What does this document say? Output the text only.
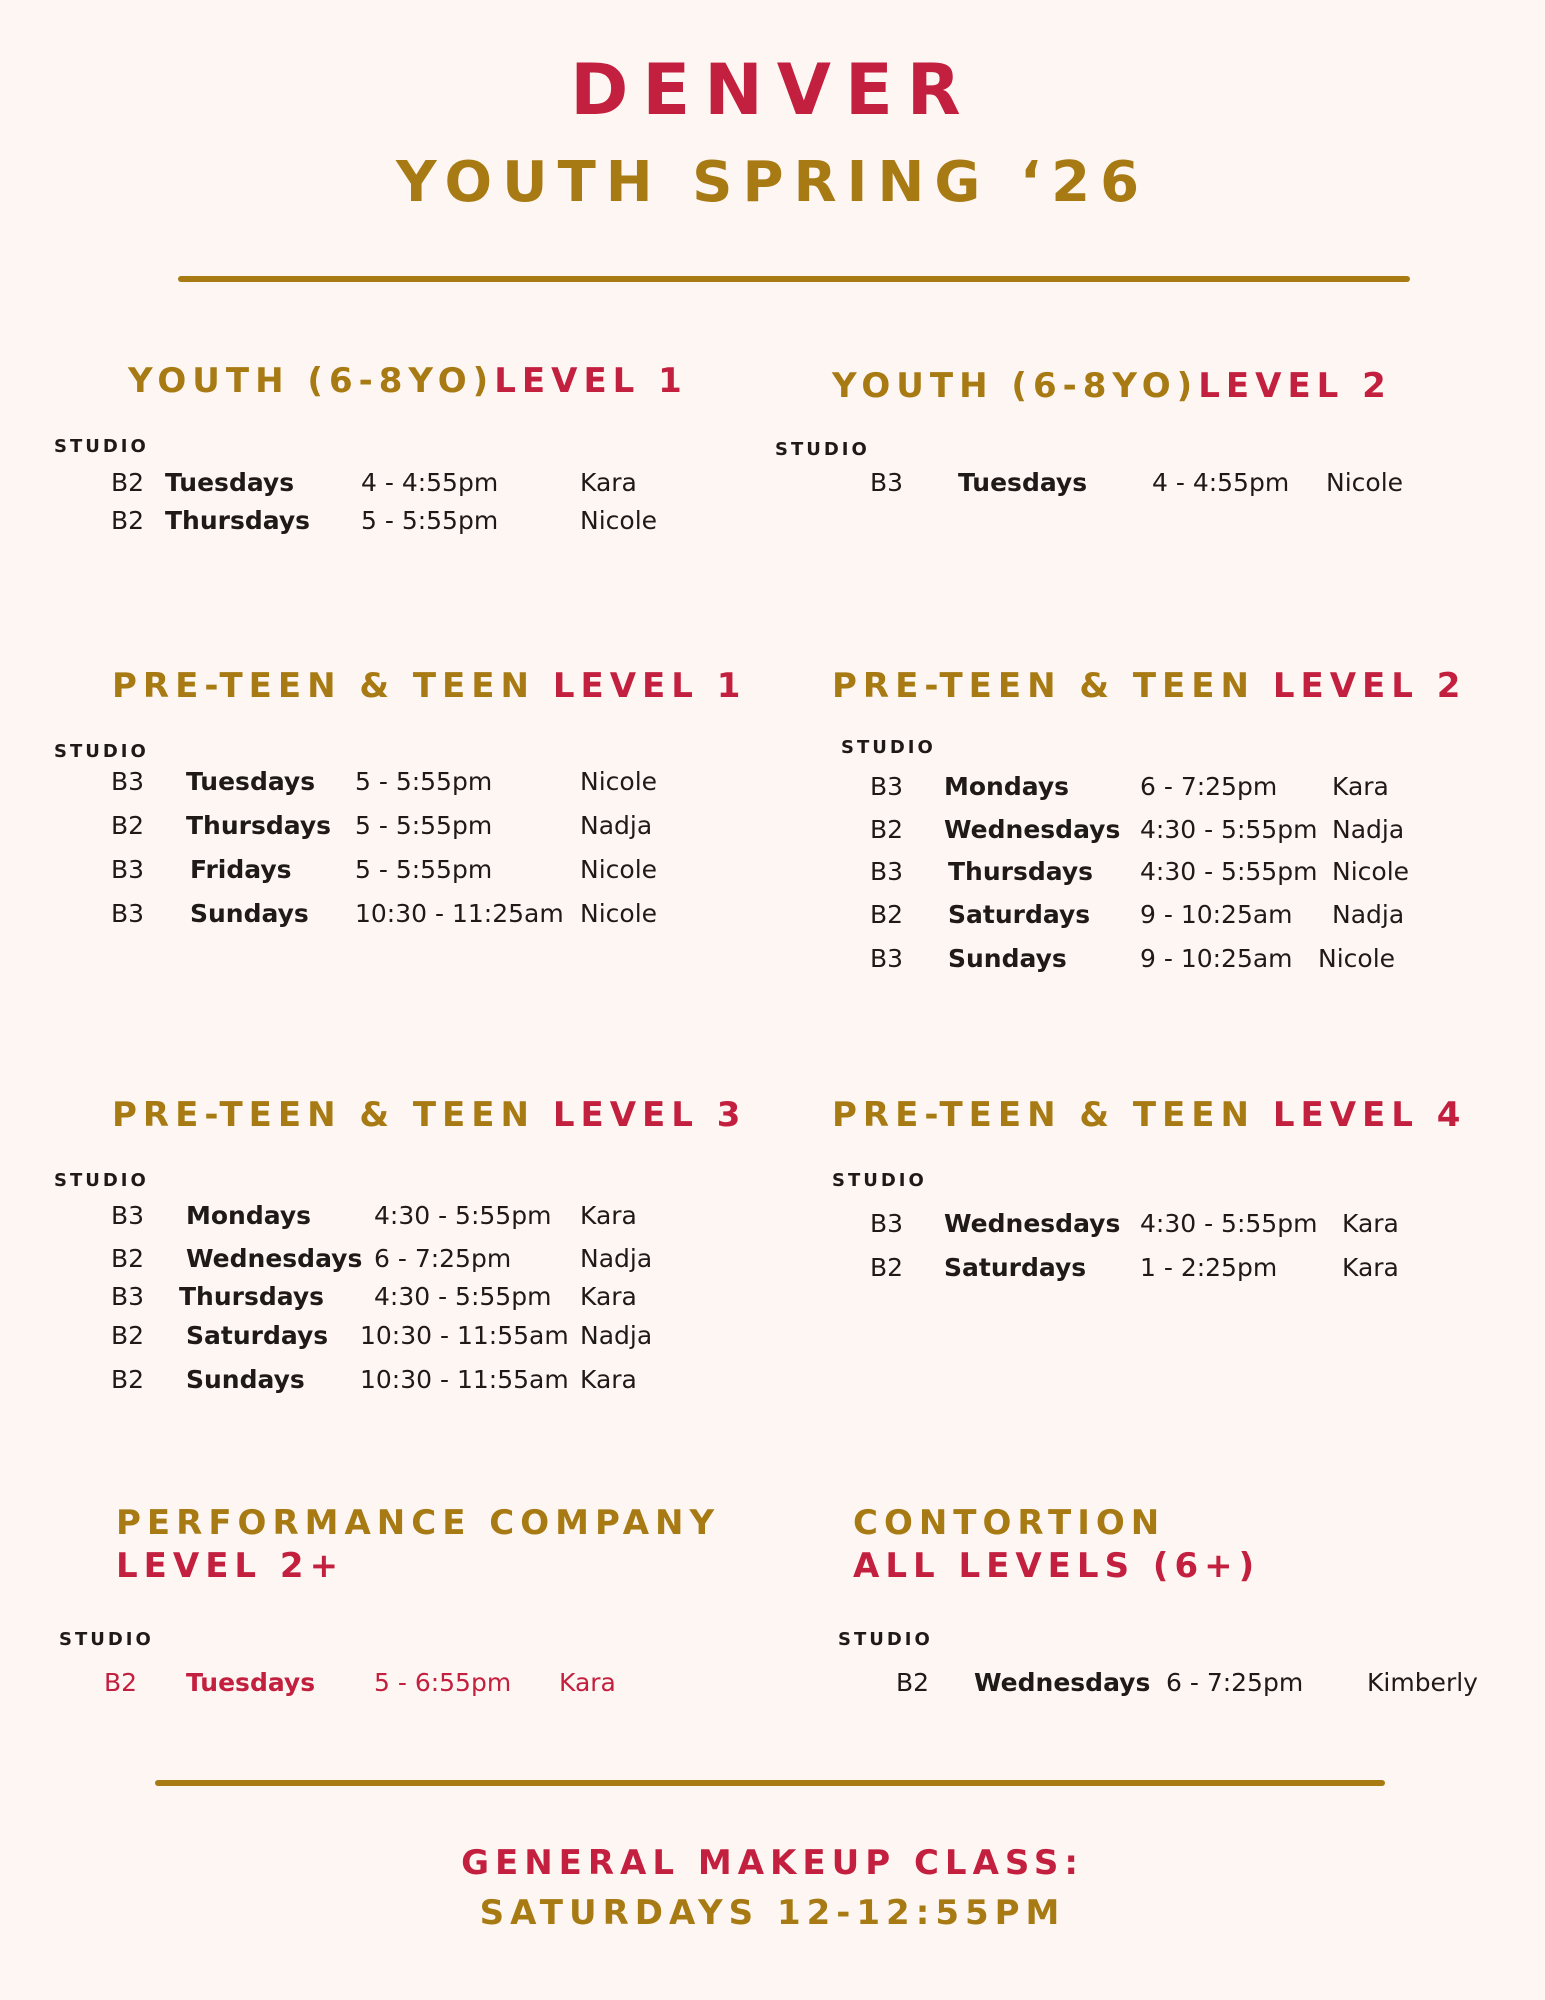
DENVER
YOUTH SPRING ‘26
YOUTH (6-8YO)LEVEL 1
STUDIO
B2 Tuesdays	4 - 4:55pm	Kara
B2 Thursdays 5 - 5:55pm	Nicole
YOUTH (6-8YO)LEVEL 2
STUDIO
B3 Tuesdays	4 - 4:55pm Nicole
PRE-TEEN & TEEN LEVEL 1
STUDIO
B3 Tuesdays 5 - 5:55pm	Nicole
B2 Thursdays 5 - 5:55pm	Nadja
B3 Fridays	5 - 5:55pm	Nicole
B3 Sundays 10:30 - 11:25am Nicole
PRE-TEEN & TEEN LEVEL 2
STUDIO
B3 Mondays	6 - 7:25pm Kara
B2 Wednesdays 4:30 - 5:55pm Nadja
B3 Thursdays 4:30 - 5:55pm Nicole
B2 Saturdays 9 - 10:25am Nadja
B3 Sundays	9 - 10:25am Nicole
PRE-TEEN & TEEN LEVEL 3
STUDIO
B3 Mondays	4:30 - 5:55pm Kara
B2 Wednesdays 6 - 7:25pm	Nadja
B3 Thursdays 4:30 - 5:55pm Kara
B2 Saturdays 10:30 - 11:55am Nadja
B2 Sundays 10:30 - 11:55am Kara
PRE-TEEN & TEEN LEVEL 4
STUDIO
B3 Wednesdays 4:30 - 5:55pm Kara
B2 Saturdays 1 - 2:25pm	Kara
PERFORMANCE COMPANY
LEVEL 2+
STUDIO
B2 Tuesdays 5 - 6:55pm Kara
CONTORTION
ALL LEVELS (6+)
STUDIO
B2 Wednesdays 6 - 7:25pm	Kimberly
GENERAL MAKEUP CLASS:
SATURDAYS 12-12:55PM
